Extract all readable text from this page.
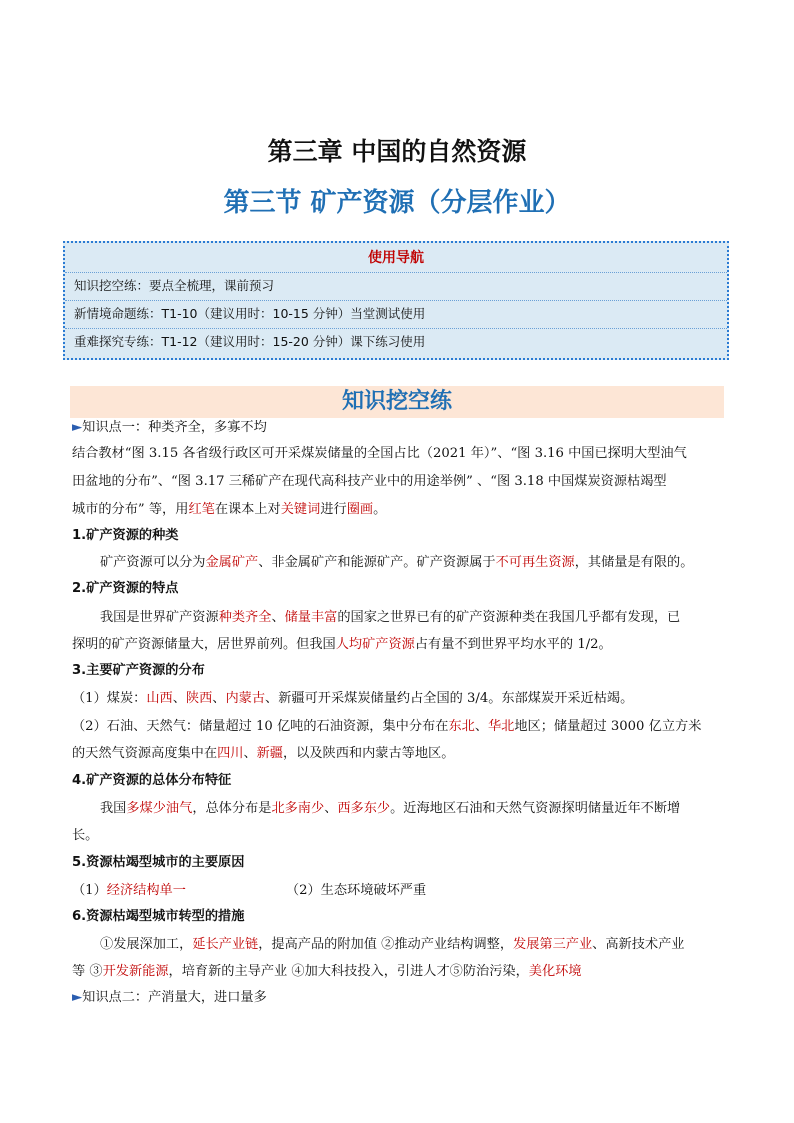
第三章 中国的自然资源
第三节 矿产资源（分层作业）
使用导航
知识挖空练：要点全梳理，课前预习
新情境命题练：T1-10（建议用时：10-15 分钟）当堂测试使用
重难探究专练：T1-12（建议用时：15-20 分钟）课下练习使用
知识挖空练
►知识点一：种类齐全，多寡不均
结合教材“图 3.15 各省级行政区可开采煤炭储量的全国占比（2021 年）”、“图 3.16 中国已探明大型油气
田盆地的分布”、“图 3.17 三稀矿产在现代高科技产业中的用途举例” 、“图 3.18 中国煤炭资源枯竭型
城市的分布” 等，用红笔在课本上对关键词进行圈画。
1.矿产资源的种类
矿产资源可以分为金属矿产、非金属矿产和能源矿产。矿产资源属于不可再生资源，其储量是有限的。
2.矿产资源的特点
我国是世界矿产资源种类齐全、储量丰富的国家之世界已有的矿产资源种类在我国几乎都有发现，已
探明的矿产资源储量大，居世界前列。但我国人均矿产资源占有量不到世界平均水平的 1/2。
3.主要矿产资源的分布
（1）煤炭：山西、陕西、内蒙古、新疆可开采煤炭储量约占全国的 3/4。东部煤炭开采近枯竭。
（2）石油、天然气：储量超过 10 亿吨的石油资源，集中分布在东北、华北地区；储量超过 3000 亿立方米
的天然气资源高度集中在四川、新疆，以及陕西和内蒙古等地区。
4.矿产资源的总体分布特征
我国多煤少油气，总体分布是北多南少、西多东少。近海地区石油和天然气资源探明储量近年不断增
长。
5.资源枯竭型城市的主要原因
（1）经济结构单一	（2）生态环境破坏严重
6.资源枯竭型城市转型的措施
①发展深加工，延长产业链，提高产品的附加值 ②推动产业结构调整，发展第三产业、高新技术产业
等 ③开发新能源，培育新的主导产业 ④加大科技投入，引进人才⑤防治污染，美化环境
►知识点二：产消量大，进口量多
